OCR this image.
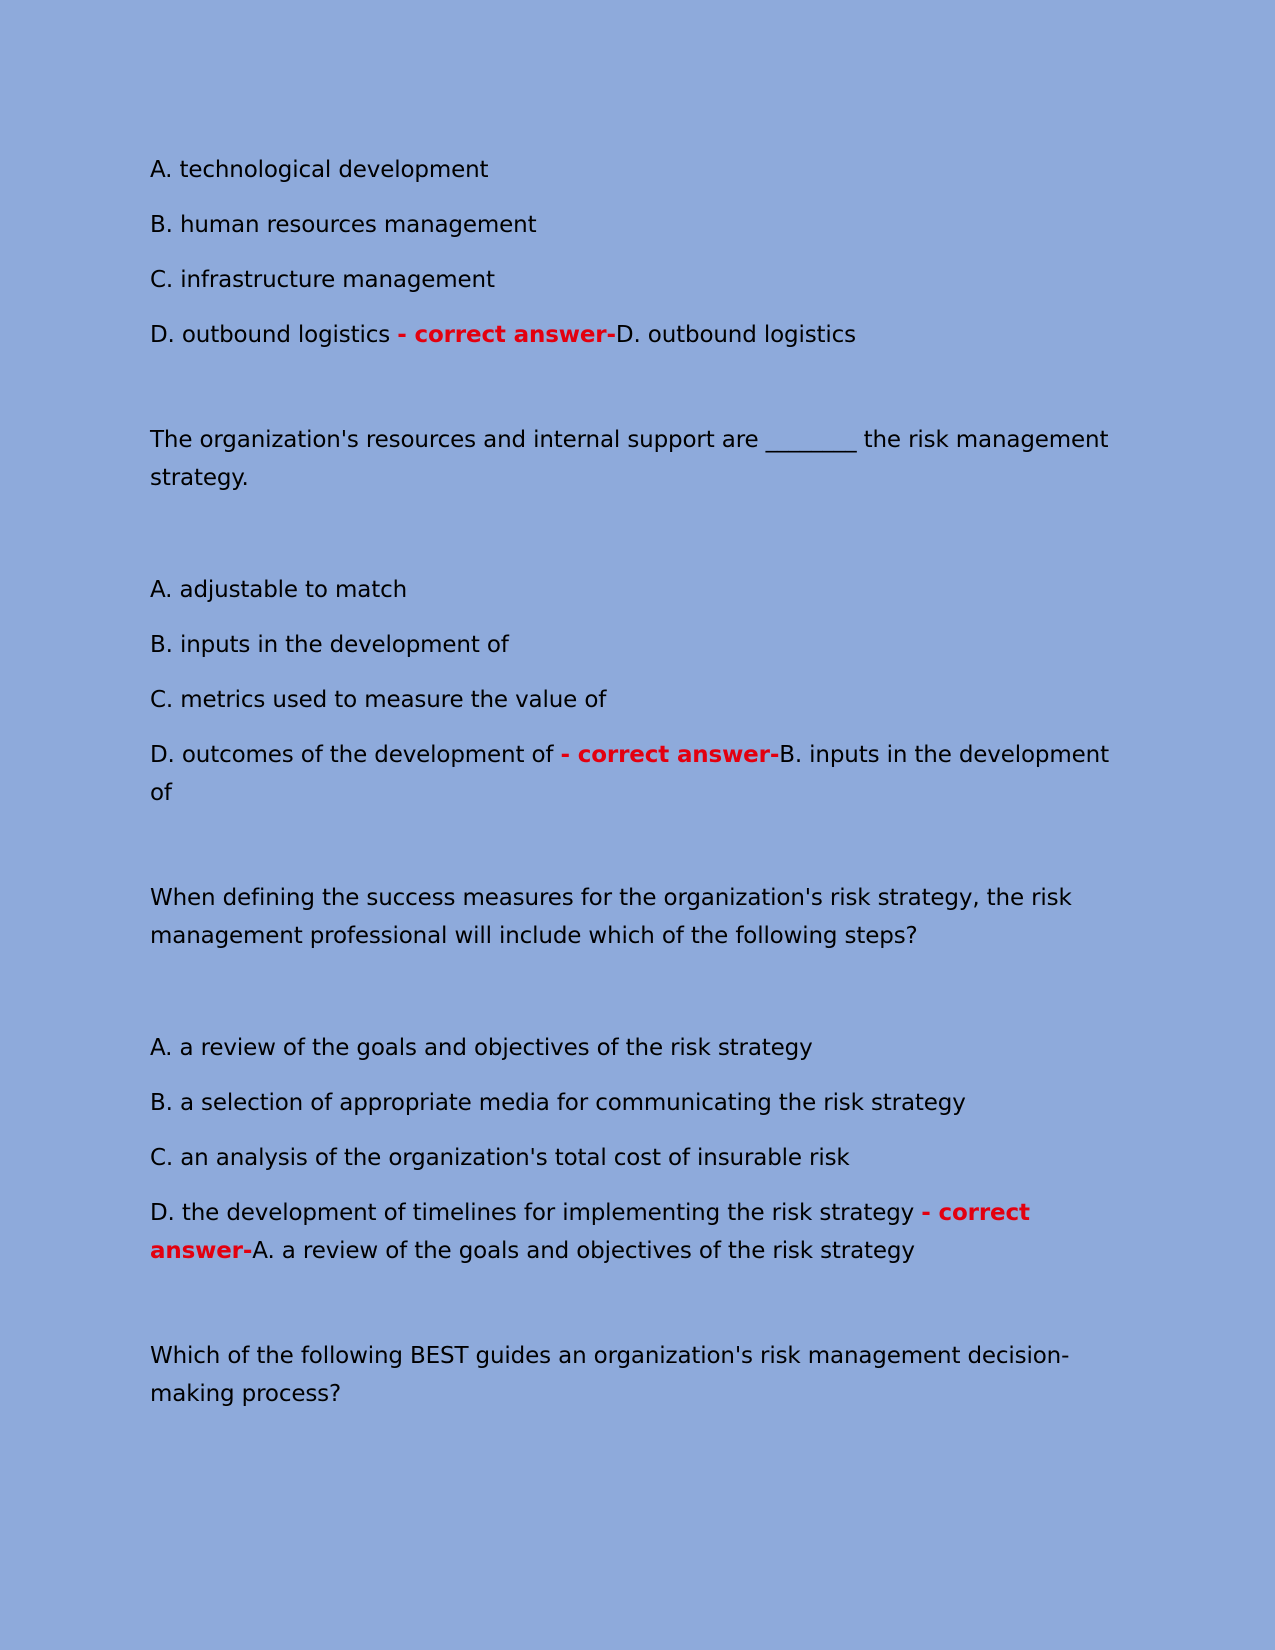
A. technological development

B. human resources management

C. infrastructure management

D. outbound logistics - correct answer-D. outbound logistics

The organization's resources and internal support are ________ the risk management strategy.

A. adjustable to match

B. inputs in the development of

C. metrics used to measure the value of

D. outcomes of the development of - correct answer-B. inputs in the development of

When defining the success measures for the organization's risk strategy, the risk management professional will include which of the following steps?

A. a review of the goals and objectives of the risk strategy

B. a selection of appropriate media for communicating the risk strategy

C. an analysis of the organization's total cost of insurable risk

D. the development of timelines for implementing the risk strategy - correct answer-A. a review of the goals and objectives of the risk strategy

Which of the following BEST guides an organization's risk management decision-making process?
